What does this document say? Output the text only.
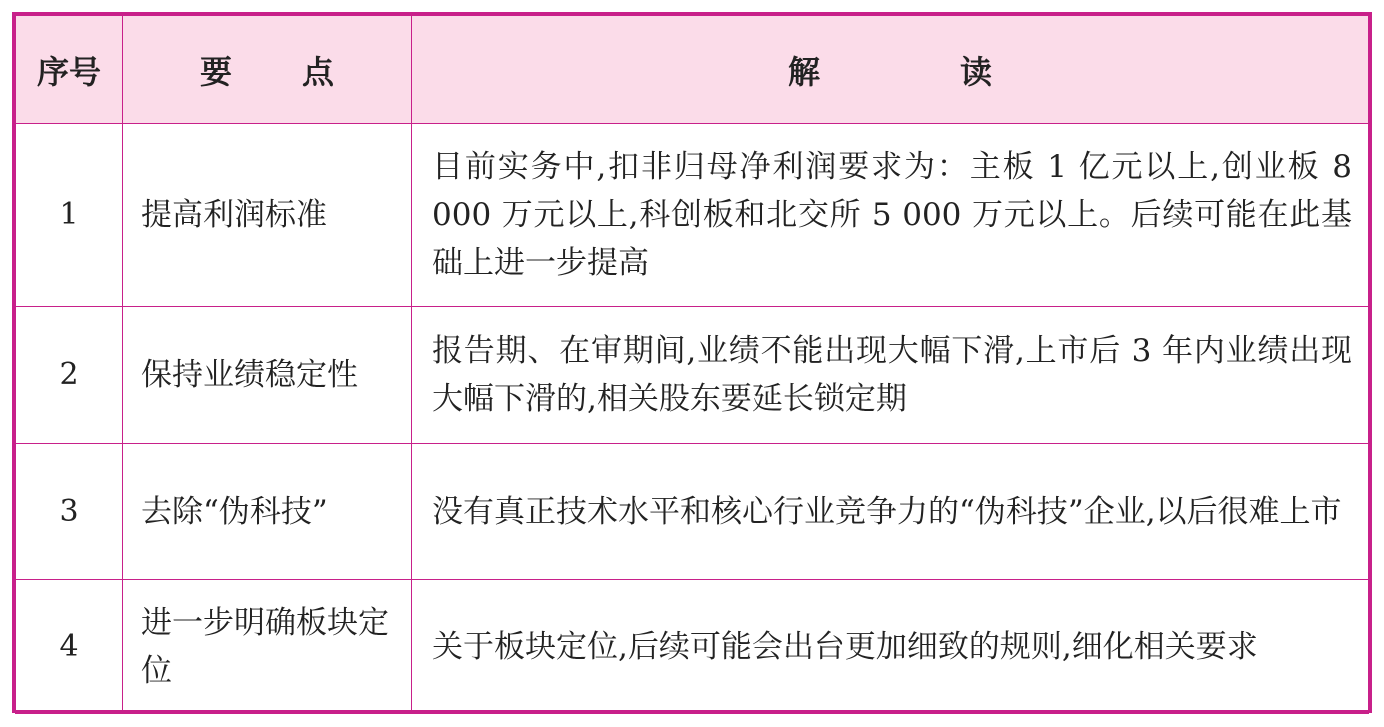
序号	要 点	解 读
1	提高利润标准	目前实务中,扣非归母净利润要求为：主板 1 亿元以上,创业板 8 000 万元以上,科创板和北交所 5 000 万元以上。后续可能在此基础上进一步提高
2	保持业绩稳定性	报告期、在审期间,业绩不能出现大幅下滑,上市后 3 年内业绩出现大幅下滑的,相关股东要延长锁定期
3	去除“伪科技”	没有真正技术水平和核心行业竞争力的“伪科技”企业,以后很难上市
4	进一步明确板块定位	关于板块定位,后续可能会出台更加细致的规则,细化相关要求
